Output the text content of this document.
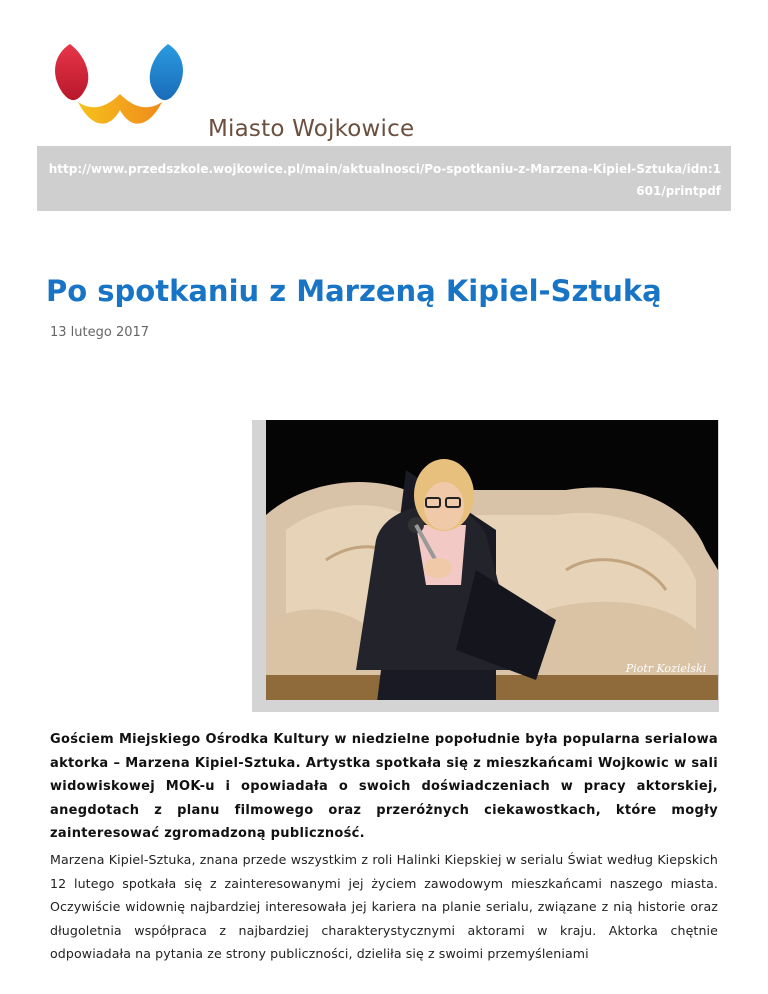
Miasto Wojkowice

http://www.przedszkole.wojkowice.pl/main/aktualnosci/Po-spotkaniu-z-Marzena-Kipiel-Sztuka/idn:1601/printpdf

Po spotkaniu z Marzeną Kipiel-Sztuką
13 lutego 2017
Piotr Kozielski

Gościem Miejskiego Ośrodka Kultury w niedzielne popołudnie była popularna serialowa aktorka – Marzena Kipiel-Sztuka. Artystka spotkała się z mieszkańcami Wojkowic w sali widowiskowej MOK-u i opowiadała o swoich doświadczeniach w pracy aktorskiej, anegdotach z planu filmowego oraz przeróżnych ciekawostkach, które mogły zainteresować zgromadzoną publiczność.

Marzena Kipiel-Sztuka, znana przede wszystkim z roli Halinki Kiepskiej w serialu Świat według Kiepskich 12 lutego spotkała się z zainteresowanymi jej życiem zawodowym mieszkańcami naszego miasta. Oczywiście widownię najbardziej interesowała jej kariera na planie serialu, związane z nią historie oraz długoletnia współpraca z najbardziej charakterystycznymi aktorami w kraju. Aktorka chętnie odpowiadała na pytania ze strony publiczności, dzieliła się z swoimi przemyśleniami
